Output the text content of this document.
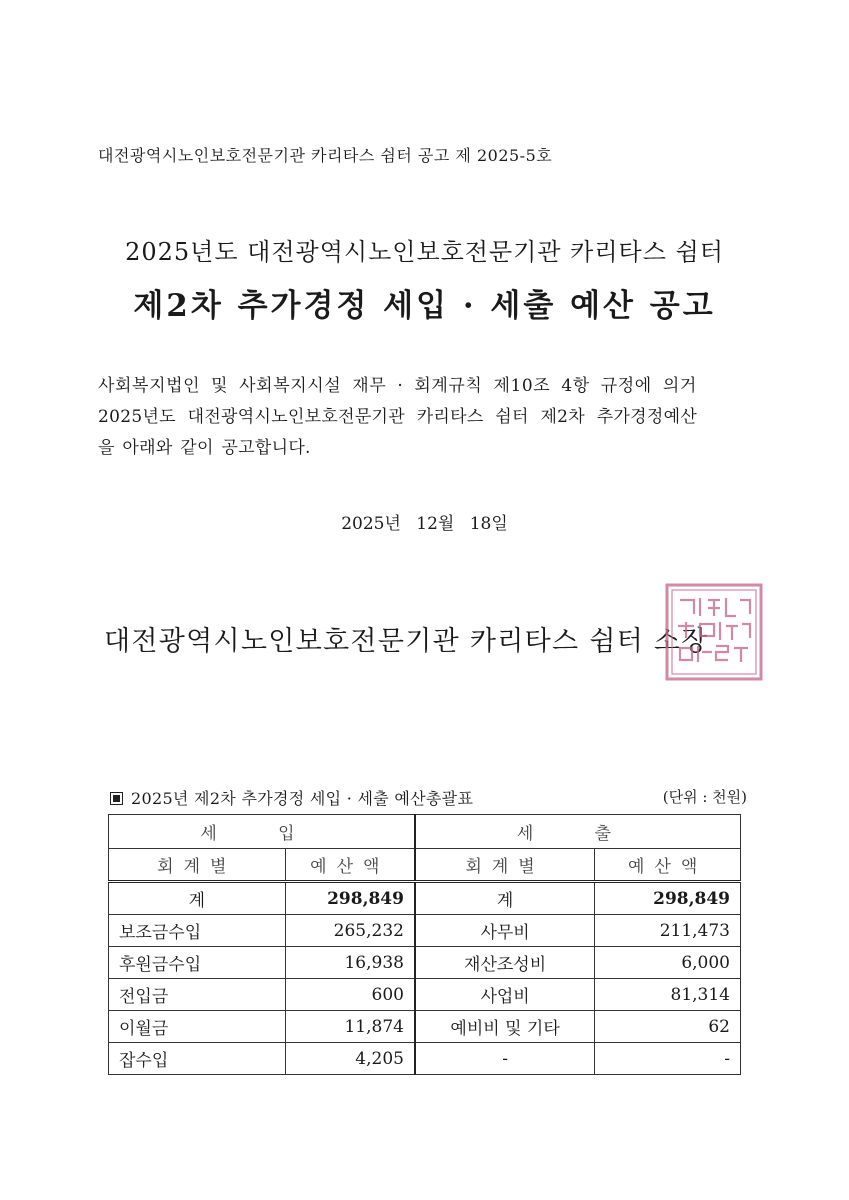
대전광역시노인보호전문기관 카리타스 쉼터 공고 제 2025-5호
2025년도 대전광역시노인보호전문기관 카리타스 쉼터
제2차 추가경정 세입 · 세출 예산 공고
사회복지법인 및 사회복지시설 재무 · 회계규칙 제10조 4항 규정에 의거
2025년도 대전광역시노인보호전문기관 카리타스 쉼터 제2차 추가경정예산
을 아래와 같이 공고합니다.
2025년 12월 18일
대전광역시노인보호전문기관 카리타스 쉼터 소장
2025년 제2차 추가경정 세입 · 세출 예산총괄표	(단위 : 천원)
세 입		세 출	
회계별	예산액	회계별	예산액
계	298,849	계	298,849
보조금수입	265,232	사무비	211,473
후원금수입	16,938	재산조성비	6,000
전입금	600	사업비	81,314
이월금	11,874	예비비 및 기타	62
잡수입	4,205	-	-
